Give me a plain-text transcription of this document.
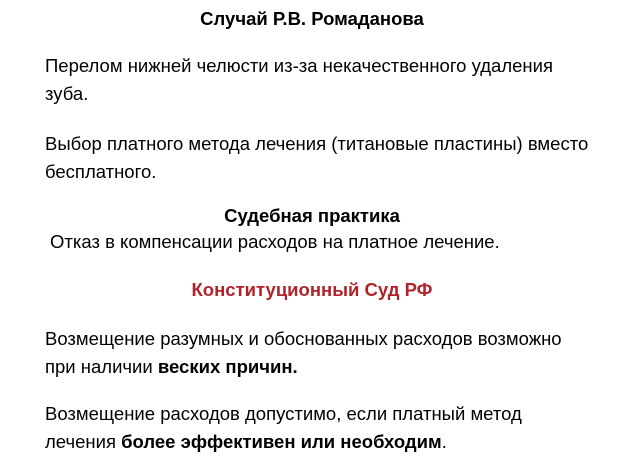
Случай Р.В. Ромаданова
Перелом нижней челюсти из-за некачественного удаления
зуба.
Выбор платного метода лечения (титановые пластины) вместо
бесплатного.
Судебная практика
Отказ в компенсации расходов на платное лечение.
Конституционный Суд РФ
Возмещение разумных и обоснованных расходов возможно
при наличии веских причин.
Возмещение расходов допустимо, если платный метод
лечения более эффективен или необходим.
